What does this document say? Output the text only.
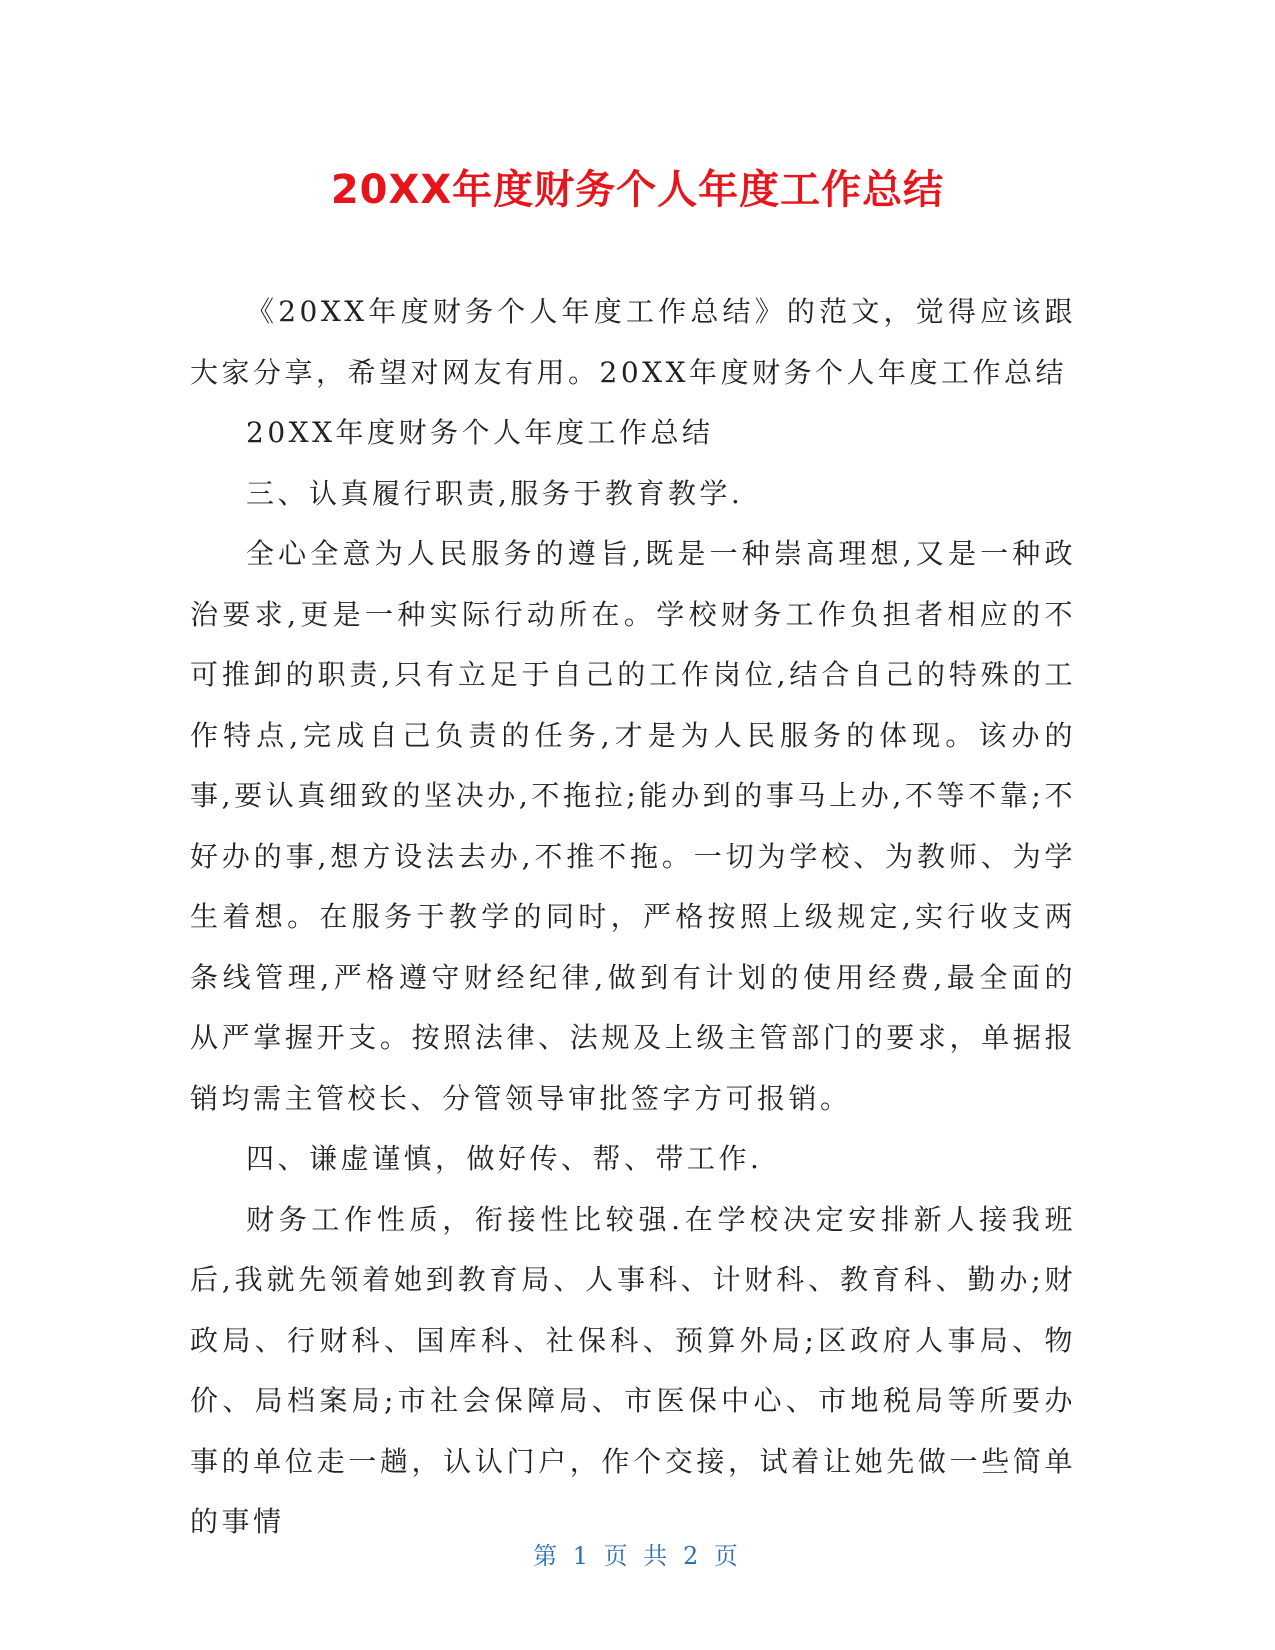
20XX年度财务个人年度工作总结

《20XX年度财务个人年度工作总结》的范文，觉得应该跟大家分享，希望对网友有用。20XX年度财务个人年度工作总结

20XX年度财务个人年度工作总结

三、认真履行职责,服务于教育教学.

全心全意为人民服务的遵旨,既是一种崇高理想,又是一种政治要求,更是一种实际行动所在。学校财务工作负担者相应的不可推卸的职责,只有立足于自己的工作岗位,结合自己的特殊的工作特点,完成自己负责的任务,才是为人民服务的体现。该办的事,要认真细致的坚决办,不拖拉;能办到的事马上办,不等不靠;不好办的事,想方设法去办,不推不拖。一切为学校、为教师、为学生着想。在服务于教学的同时，严格按照上级规定,实行收支两条线管理,严格遵守财经纪律,做到有计划的使用经费,最全面的从严掌握开支。按照法律、法规及上级主管部门的要求，单据报销均需主管校长、分管领导审批签字方可报销。

四、谦虚谨慎，做好传、帮、带工作.

财务工作性质，衔接性比较强.在学校决定安排新人接我班后,我就先领着她到教育局、人事科、计财科、教育科、勤办;财政局、行财科、国库科、社保科、预算外局;区政府人事局、物价、局档案局;市社会保障局、市医保中心、市地税局等所要办事的单位走一趟，认认门户，作个交接，试着让她先做一些简单的事情

第 1 页 共 2 页
